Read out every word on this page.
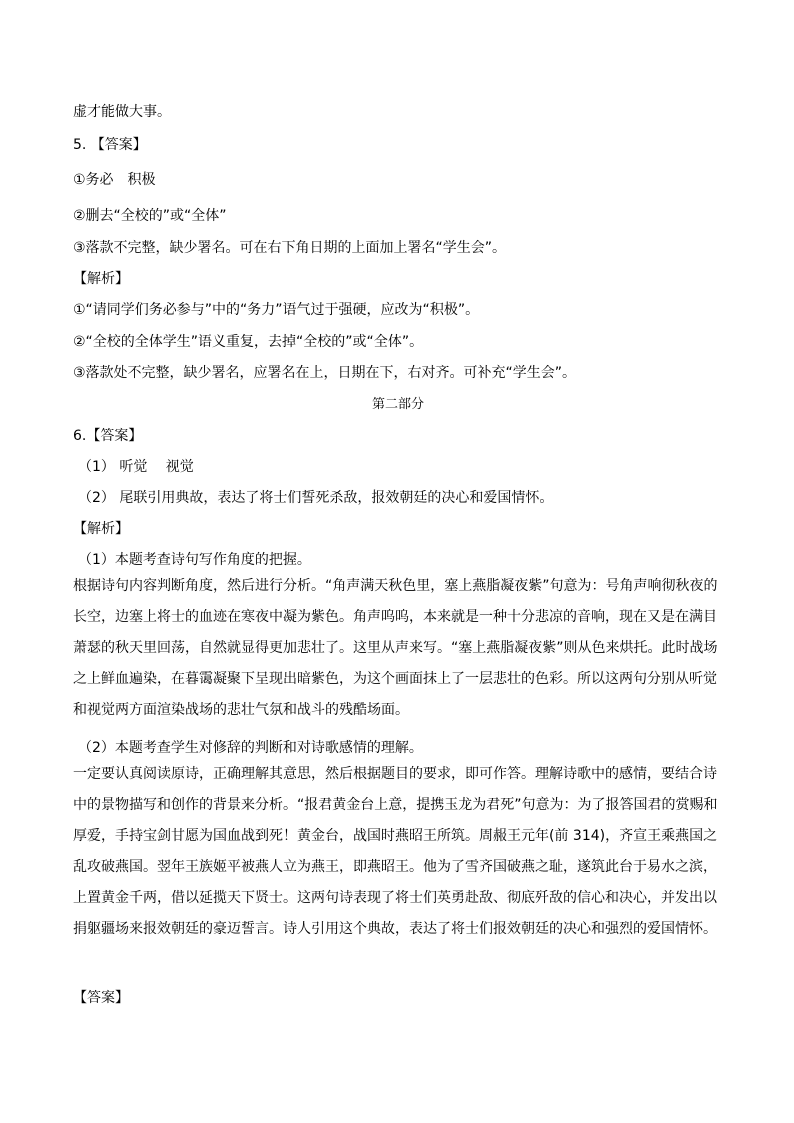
虚才能做大事。

5. 【答案】

①务必　积极

②删去“全校的”或“全体”

③落款不完整，缺少署名。可在右下角日期的上面加上署名“学生会”。

【解析】

①“请同学们务必参与”中的“务力”语气过于强硬，应改为“积极”。

②“全校的全体学生”语义重复，去掉“全校的”或“全体”。

③落款处不完整，缺少署名，应署名在上，日期在下，右对齐。可补充“学生会”。

第二部分

6.【答案】

（1） 听觉　 视觉

（2） 尾联引用典故，表达了将士们誓死杀敌，报效朝廷的决心和爱国情怀。

【解析】

（1）本题考查诗句写作角度的把握。

根据诗句内容判断角度，然后进行分析。“角声满天秋色里，塞上燕脂凝夜紫”句意为：号角声响彻秋夜的长空，边塞上将士的血迹在寒夜中凝为紫色。角声呜呜，本来就是一种十分悲凉的音响，现在又是在满目萧瑟的秋天里回荡，自然就显得更加悲壮了。这里从声来写。“塞上燕脂凝夜紫”则从色来烘托。此时战场之上鲜血遍染，在暮霭凝聚下呈现出暗紫色，为这个画面抹上了一层悲壮的色彩。所以这两句分别从听觉和视觉两方面渲染战场的悲壮气氛和战斗的残酷场面。

（2）本题考查学生对修辞的判断和对诗歌感情的理解。

一定要认真阅读原诗，正确理解其意思，然后根据题目的要求，即可作答。理解诗歌中的感情，要结合诗中的景物描写和创作的背景来分析。“报君黄金台上意，提携玉龙为君死”句意为：为了报答国君的赏赐和厚爱，手持宝剑甘愿为国血战到死！黄金台，战国时燕昭王所筑。周赧王元年(前 314)，齐宣王乘燕国之乱攻破燕国。翌年王族姬平被燕人立为燕王，即燕昭王。他为了雪齐国破燕之耻，遂筑此台于易水之滨，上置黄金千两，借以延揽天下贤士。这两句诗表现了将士们英勇赴敌、彻底歼敌的信心和决心，并发出以捐躯疆场来报效朝廷的豪迈誓言。诗人引用这个典故，表达了将士们报效朝廷的决心和强烈的爱国情怀。

【答案】
